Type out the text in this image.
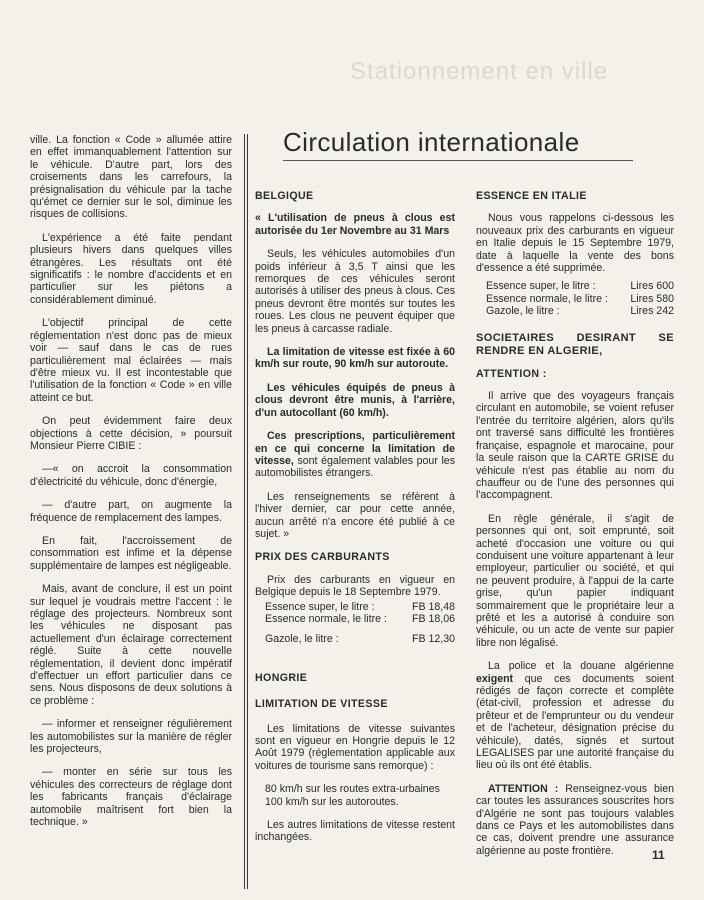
Stationnement en ville

ville. La fonction « Code » allumée attire en effet immanquablement l'attention sur le véhicule. D'autre part, lors des croisements dans les carrefours, la présignalisation du véhicule par la tache qu'émet ce dernier sur le sol, diminue les risques de collisions.

L'expérience a été faite pendant plusieurs hivers dans quelques villes étrangères. Les résultats ont été significatifs : le nombre d'accidents et en particulier sur les piétons a considérablement diminué.

L'objectif principal de cette réglementation n'est donc pas de mieux voir — sauf dans le cas de rues particulièrement mal éclairées — mais d'être mieux vu. Il est incontestable que l'utilisation de la fonction « Code » en ville atteint ce but.

On peut évidemment faire deux objections à cette décision, » poursuit Monsieur Pierre CIBIE :

—« on accroit la consommation d'électricité du véhicule, donc d'énergie,

— d'autre part, on augmente la fréquence de remplacement des lampes.

En fait, l'accroissement de consommation est infime et la dépense supplémentaire de lampes est négligeable.

Mais, avant de conclure, il est un point sur lequel je voudrais mettre l'accent : le réglage des projecteurs. Nombreux sont les véhicules ne disposant pas actuellement d'un éclairage correctement réglé. Suite à cette nouvelle réglementation, il devient donc impératif d'effectuer un effort particulier dans ce sens. Nous disposons de deux solutions à ce problème :

— informer et renseigner régulièrement les automobilistes sur la manière de régler les projecteurs,

— monter en série sur tous les véhicules des correcteurs de réglage dont les fabricants français d'éclairage automobile maîtrisent fort bien la technique. »

Circulation internationale
BELGIQUE

« L'utilisation de pneus à clous est autorisée du 1er Novembre au 31 Mars

Seuls, les véhicules automobiles d'un poids inférieur à 3,5 T ainsi que les remorques de ces véhicules seront autorisés à utiliser des pneus à clous. Ces pneus devront être montés sur toutes les roues. Les clous ne peuvent équiper que les pneus à carcasse radiale.

La limitation de vitesse est fixée à 60 km/h sur route, 90 km/h sur autoroute.

Les véhicules équipés de pneus à clous devront être munis, à l'arrière, d'un autocollant (60 km/h).

Ces prescriptions, particulièrement en ce qui concerne la limitation de vitesse, sont également valables pour les automobilistes étrangers.

Les renseignements se réfèrent à l'hiver dernier, car pour cette année, aucun arrêté n'a encore été publié à ce sujet. »

PRIX DES CARBURANTS

Prix des carburants en vigueur en Belgique depuis le 18 Septembre 1979.

Essence super, le litre :	FB 18,48
Essence normale, le litre : FB 18,06
Gazole, le litre :	FB 12,30
HONGRIE
LIMITATION DE VITESSE

Les limitations de vitesse suivantes sont en vigueur en Hongrie depuis le 12 Août 1979 (réglementation applicable aux voitures de tourisme sans remorque) :

80 km/h sur les routes extra-urbaines
100 km/h sur les autoroutes.

Les autres limitations de vitesse restent inchangées.

ESSENCE EN ITALIE

Nous vous rappelons ci-dessous les nouveaux prix des carburants en vigueur en Italie depuis le 15 Septembre 1979, date à laquelle la vente des bons d'essence a été supprimée.

Essence super, le litre :	Lires 600
Essence normale, le litre : Lires 580
Gazole, le litre :	Lires 242
SOCIETAIRES DESIRANT SE RENDRE EN ALGERIE,
ATTENTION :

Il arrive que des voyageurs français circulant en automobile, se voient refuser l'entrée du territoire algérien, alors qu'ils ont traversé sans difficulté les frontières française, espagnole et marocaine, pour la seule raison que la CARTE GRISE du véhicule n'est pas établie au nom du chauffeur ou de l'une des personnes qui l'accompagnent.

En règle générale, il s'agit de personnes qui ont, soit emprunté, soit acheté d'occasion une voiture ou qui conduisent une voiture appartenant à leur employeur, particulier ou société, et qui ne peuvent produire, à l'appui de la carte grise, qu'un papier indiquant sommairement que le propriétaire leur a prêté et les a autorisé à conduire son véhicule, ou un acte de vente sur papier libre non légalisé.

La police et la douane algérienne exigent que ces documents soient rédigés de façon correcte et complète (état-civil, profession et adresse du prêteur et de l'emprunteur ou du vendeur et de l'acheteur, désignation précise du véhicule), datés, signés et surtout LEGALISES par une autorité française du lieu où ils ont été établis.

ATTENTION : Renseignez-vous bien car toutes les assurances souscrites hors d'Algérie ne sont pas toujours valables dans ce Pays et les automobilistes dans ce cas, doivent prendre une assurance algérienne au poste frontière.	11
